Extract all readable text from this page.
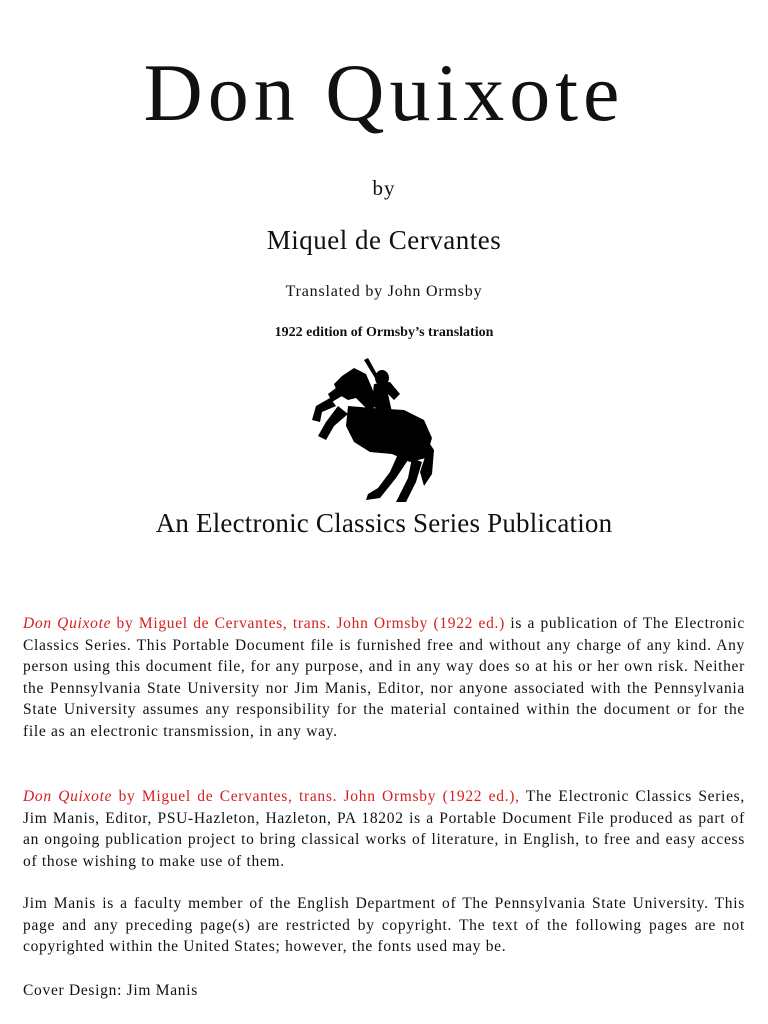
Don Quixote
by
Miquel de Cervantes
Translated by John Ormsby
1922 edition of Ormsby’s translation
An Electronic Classics Series Publication

Don Quixote by Miguel de Cervantes, trans. John Ormsby (1922 ed.) is a publication of The Electronic Classics Series. This Portable Document file is furnished free and without any charge of any kind. Any person using this document file, for any purpose, and in any way does so at his or her own risk. Neither the Pennsylvania State University nor Jim Manis, Editor, nor anyone associated with the Pennsylvania State University assumes any responsibility for the material contained within the document or for the file as an electronic transmission, in any way.

Don Quixote by Miguel de Cervantes, trans. John Ormsby (1922 ed.), The Electronic Classics Series, Jim Manis, Editor, PSU-Hazleton, Hazleton, PA 18202 is a Portable Document File produced as part of an ongoing publication project to bring classical works of literature, in English, to free and easy access of those wishing to make use of them.

Jim Manis is a faculty member of the English Department of The Pennsylvania State University. This page and any preceding page(s) are restricted by copyright. The text of the following pages are not copyrighted within the United States; however, the fonts used may be.

Cover Design: Jim Manis
